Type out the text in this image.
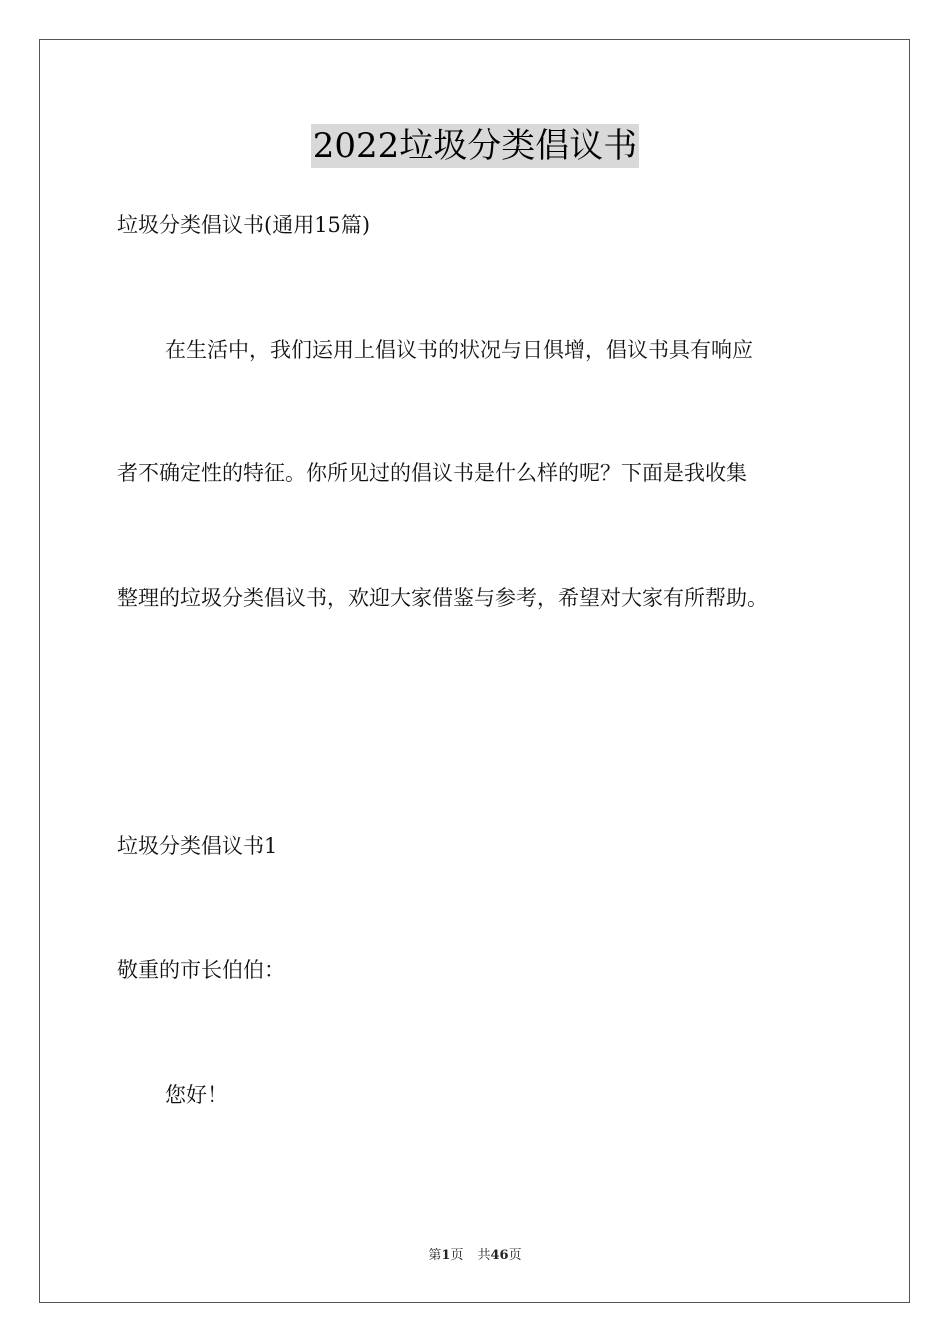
2022垃圾分类倡议书
垃圾分类倡议书(通用15篇)
在生活中，我们运用上倡议书的状况与日俱增，倡议书具有响应
者不确定性的特征。你所见过的倡议书是什么样的呢？下面是我收集
整理的垃圾分类倡议书，欢迎大家借鉴与参考，希望对大家有所帮助。
垃圾分类倡议书1
敬重的市长伯伯：
您好！
第1页 共46页
